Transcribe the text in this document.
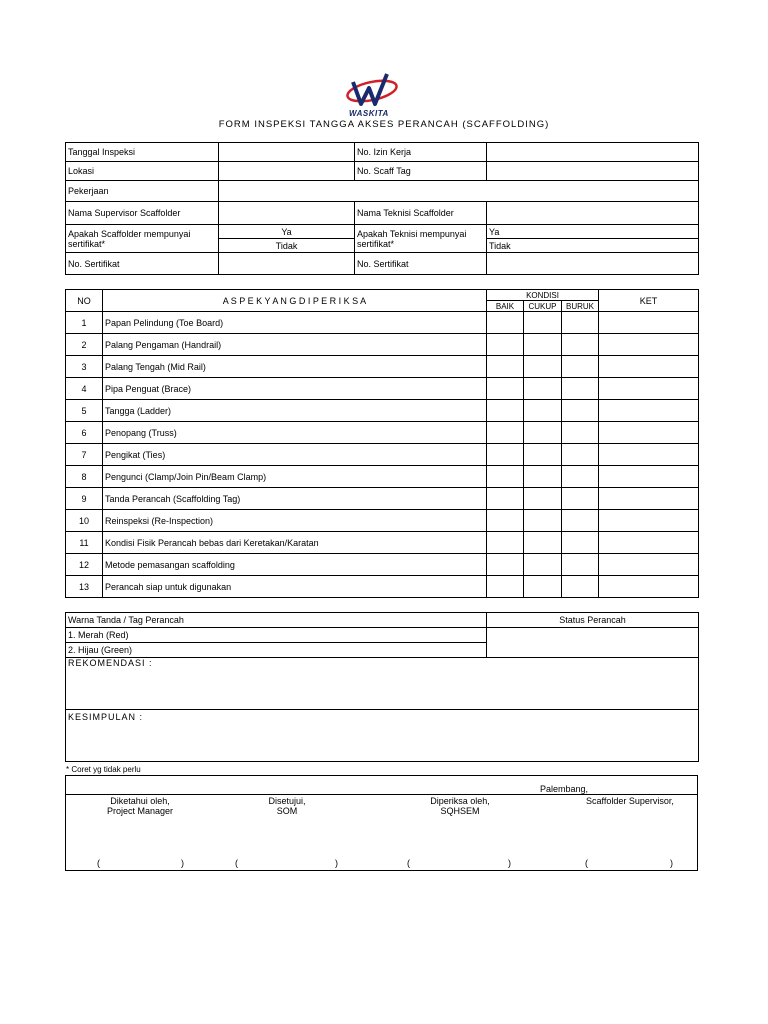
WASKITA
FORM INSPEKSI TANGGA AKSES PERANCAH (SCAFFOLDING)
Tanggal Inspeksi		No. Izin Kerja	
Lokasi		No. Scaff Tag	
Pekerjaan			
Nama Supervisor Scaffolder		Nama Teknisi Scaffolder	
Apakah Scaffolder mempunyai sertifikat*	Ya	Apakah Teknisi mempunyai sertifikat*	Ya
	Tidak		Tidak
No. Sertifikat		No. Sertifikat	
NO	A S P E K Y A N G D I P E R I K S A	KONDISI			KET
		BAIK	CUKUP	BURUK	
1	Papan Pelindung (Toe Board)				
2	Palang Pengaman (Handrail)				
3	Palang Tengah (Mid Rail)				
4	Pipa Penguat (Brace)				
5	Tangga (Ladder)				
6	Penopang (Truss)				
7	Pengikat (Ties)				
8	Pengunci (Clamp/Join Pin/Beam Clamp)				
9	Tanda Perancah (Scaffolding Tag)				
10	Reinspeksi (Re-Inspection)				
11	Kondisi Fisik Perancah bebas dari Keretakan/Karatan				
12	Metode pemasangan scaffolding				
13	Perancah siap untuk digunakan				
Warna Tanda / Tag Perancah	Status Perancah
1. Merah (Red)	
2. Hijau (Green)	
REKOMENDASI :	
KESIMPULAN :	
* Coret yg tidak perlu
Palembang,
Diketahui oleh,
Project Manager
Disetujui,
SOM
Diperiksa oleh,
SQHSEM
Scaffolder Supervisor,
(	)	(	)	(	)	(	)
